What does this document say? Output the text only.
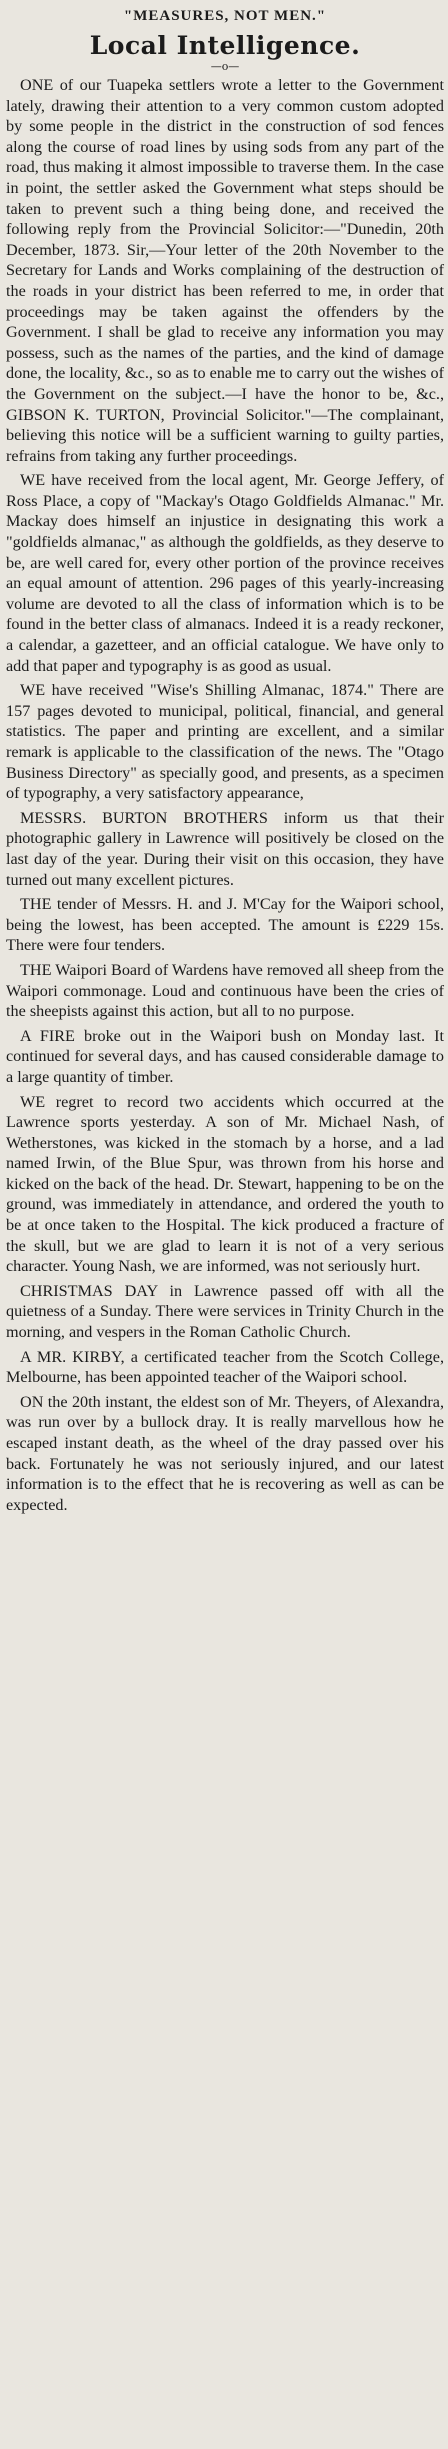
"MEASURES, NOT MEN."
Local Intelligence.
—o—

ONE of our Tuapeka settlers wrote a letter to the Government lately, drawing their attention to a very common custom adopted by some people in the district in the construction of sod fences along the course of road lines by using sods from any part of the road, thus making it almost impossible to traverse them. In the case in point, the settler asked the Government what steps should be taken to prevent such a thing being done, and received the following reply from the Provincial Solicitor:—"Dunedin, 20th December, 1873. Sir,—Your letter of the 20th November to the Secretary for Lands and Works complaining of the destruction of the roads in your district has been referred to me, in order that proceedings may be taken against the offenders by the Government. I shall be glad to receive any information you may possess, such as the names of the parties, and the kind of damage done, the locality, &c., so as to enable me to carry out the wishes of the Government on the subject.—I have the honor to be, &c., GIBSON K. TURTON, Provincial Solicitor."—The complainant, believing this notice will be a sufficient warning to guilty parties, refrains from taking any further proceedings.

WE have received from the local agent, Mr. George Jeffery, of Ross Place, a copy of "Mackay's Otago Goldfields Almanac." Mr. Mackay does himself an injustice in designating this work a "goldfields almanac," as although the goldfields, as they deserve to be, are well cared for, every other portion of the province receives an equal amount of attention. 296 pages of this yearly-increasing volume are devoted to all the class of information which is to be found in the better class of almanacs. Indeed it is a ready reckoner, a calendar, a gazetteer, and an official catalogue. We have only to add that paper and typography is as good as usual.

WE have received "Wise's Shilling Almanac, 1874." There are 157 pages devoted to municipal, political, financial, and general statistics. The paper and printing are excellent, and a similar remark is applicable to the classification of the news. The "Otago Business Directory" as specially good, and presents, as a specimen of typography, a very satisfactory appearance,

MESSRS. BURTON BROTHERS inform us that their photographic gallery in Lawrence will positively be closed on the last day of the year. During their visit on this occasion, they have turned out many excellent pictures.

THE tender of Messrs. H. and J. M'Cay for the Waipori school, being the lowest, has been accepted. The amount is £229 15s. There were four tenders.

THE Waipori Board of Wardens have removed all sheep from the Waipori commonage. Loud and continuous have been the cries of the sheepists against this action, but all to no purpose.

A FIRE broke out in the Waipori bush on Monday last. It continued for several days, and has caused considerable damage to a large quantity of timber.

WE regret to record two accidents which occurred at the Lawrence sports yesterday. A son of Mr. Michael Nash, of Wetherstones, was kicked in the stomach by a horse, and a lad named Irwin, of the Blue Spur, was thrown from his horse and kicked on the back of the head. Dr. Stewart, happening to be on the ground, was immediately in attendance, and ordered the youth to be at once taken to the Hospital. The kick produced a fracture of the skull, but we are glad to learn it is not of a very serious character. Young Nash, we are informed, was not seriously hurt.

CHRISTMAS DAY in Lawrence passed off with all the quietness of a Sunday. There were services in Trinity Church in the morning, and vespers in the Roman Catholic Church.

A MR. KIRBY, a certificated teacher from the Scotch College, Melbourne, has been appointed teacher of the Waipori school.

ON the 20th instant, the eldest son of Mr. Theyers, of Alexandra, was run over by a bullock dray. It is really marvellous how he escaped instant death, as the wheel of the dray passed over his back. Fortunately he was not seriously injured, and our latest information is to the effect that he is recovering as well as can be expected.
